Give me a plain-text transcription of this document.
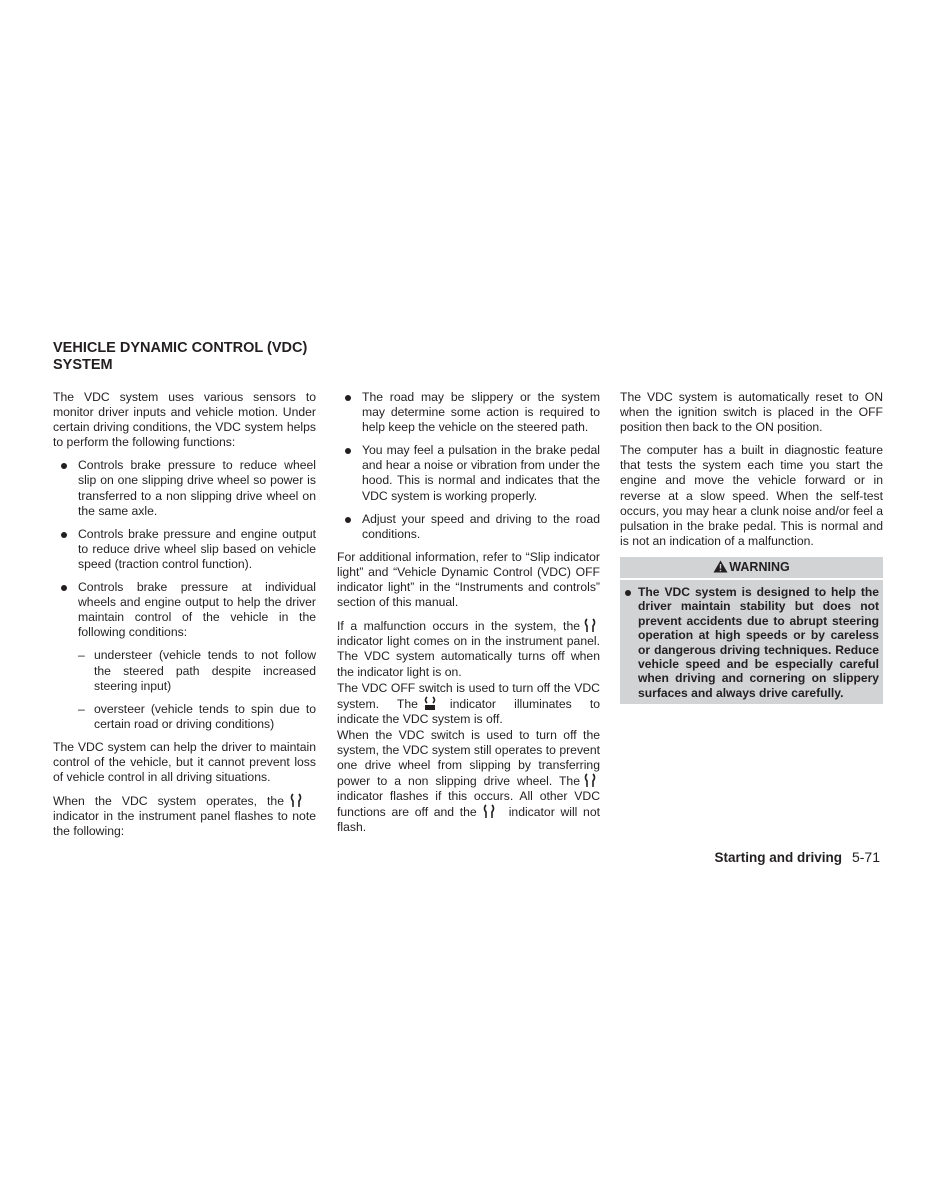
VEHICLE DYNAMIC CONTROL (VDC) SYSTEM

The VDC system uses various sensors to monitor driver inputs and vehicle motion. Under certain driving conditions, the VDC system helps to perform the following functions:

Controls brake pressure to reduce wheel slip on one slipping drive wheel so power is transferred to a non slipping drive wheel on the same axle.
Controls brake pressure and engine output to reduce drive wheel slip based on vehicle speed (traction control function).
Controls brake pressure at individual wheels and engine output to help the driver maintain control of the vehicle in the following conditions:
– understeer (vehicle tends to not follow the steered path despite increased steering input)
– oversteer (vehicle tends to spin due to certain road or driving conditions)

The VDC system can help the driver to maintain control of the vehicle, but it cannot prevent loss of vehicle control in all driving situations.

When the VDC system operates, theindicator in the instrument panel flashes to note the following:

The road may be slippery or the system may determine some action is required to help keep the vehicle on the steered path.
You may feel a pulsation in the brake pedal and hear a noise or vibration from under the hood. This is normal and indicates that the VDC system is working properly.
Adjust your speed and driving to the road conditions.

For additional information, refer to “Slip indicator light” and “Vehicle Dynamic Control (VDC) OFF indicator light” in the “Instruments and controls” section of this manual.

If a malfunction occurs in the system, theindicator light comes on in the instrument panel. The VDC system automatically turns off when the indicator light is on.

The VDC OFF switch is used to turn off the VDC system. The	indicator illuminates to indicate the VDC system is off.

When the VDC switch is used to turn off the system, the VDC system still operates to prevent one drive wheel from slipping by transferring power to a non slipping drive wheel. Theindicator flashes if this occurs. All other VDC functions are off and the	indicator will not flash.

The VDC system is automatically reset to ON when the ignition switch is placed in the OFF position then back to the ON position.

The computer has a built in diagnostic feature that tests the system each time you start the engine and move the vehicle forward or in reverse at a slow speed. When the self-test occurs, you may hear a clunk noise and/or feel a pulsation in the brake pedal. This is normal and is not an indication of a malfunction.

WARNING
The VDC system is designed to help the driver maintain stability but does not prevent accidents due to abrupt steering operation at high speeds or by careless or dangerous driving techniques. Reduce vehicle speed and be especially careful when driving and cornering on slippery surfaces and always drive carefully.
Starting and driving 5-71
